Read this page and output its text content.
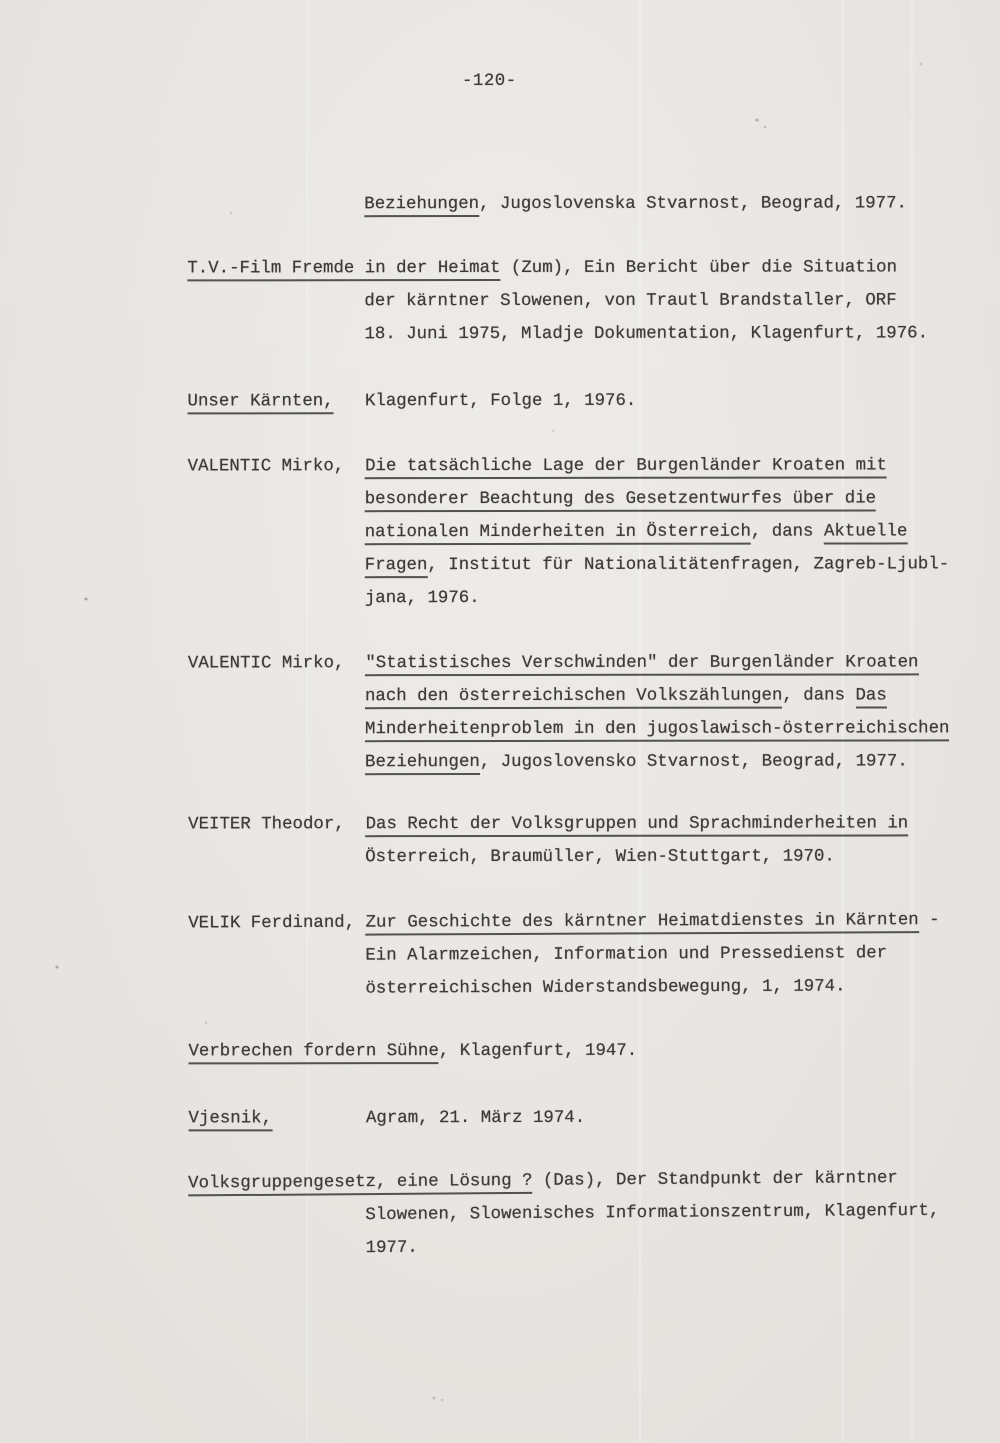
-120-
Beziehungen, Jugoslovenska Stvarnost, Beograd, 1977.
T.V.-Film Fremde in der Heimat (Zum), Ein Bericht über die Situation
der kärntner Slowenen, von Trautl Brandstaller, ORF
18. Juni 1975, Mladje Dokumentation, Klagenfurt, 1976.
Unser Kärnten,   Klagenfurt, Folge 1, 1976.
VALENTIC Mirko,  Die tatsächliche Lage der Burgenländer Kroaten mit
besonderer Beachtung des Gesetzentwurfes über die
nationalen Minderheiten in Österreich, dans Aktuelle
Fragen, Institut für Nationalitätenfragen, Zagreb-Ljubl-
jana, 1976.
VALENTIC Mirko,  "Statistisches Verschwinden" der Burgenländer Kroaten
nach den österreichischen Volkszählungen, dans Das
Minderheitenproblem in den jugoslawisch-österreichischen
Beziehungen, Jugoslovensko Stvarnost, Beograd, 1977.
VEITER Theodor,  Das Recht der Volksgruppen und Sprachminderheiten in
Österreich, Braumüller, Wien-Stuttgart, 1970.
VELIK Ferdinand, Zur Geschichte des kärntner Heimatdienstes in Kärnten -
Ein Alarmzeichen, Information und Pressedienst der
österreichischen Widerstandsbewegung, 1, 1974.
Verbrechen fordern Sühne, Klagenfurt, 1947.
Vjesnik,         Agram, 21. März 1974.
Volksgruppengesetz, eine Lösung ? (Das), Der Standpunkt der kärntner
Slowenen, Slowenisches Informationszentrum, Klagenfurt,
1977.
